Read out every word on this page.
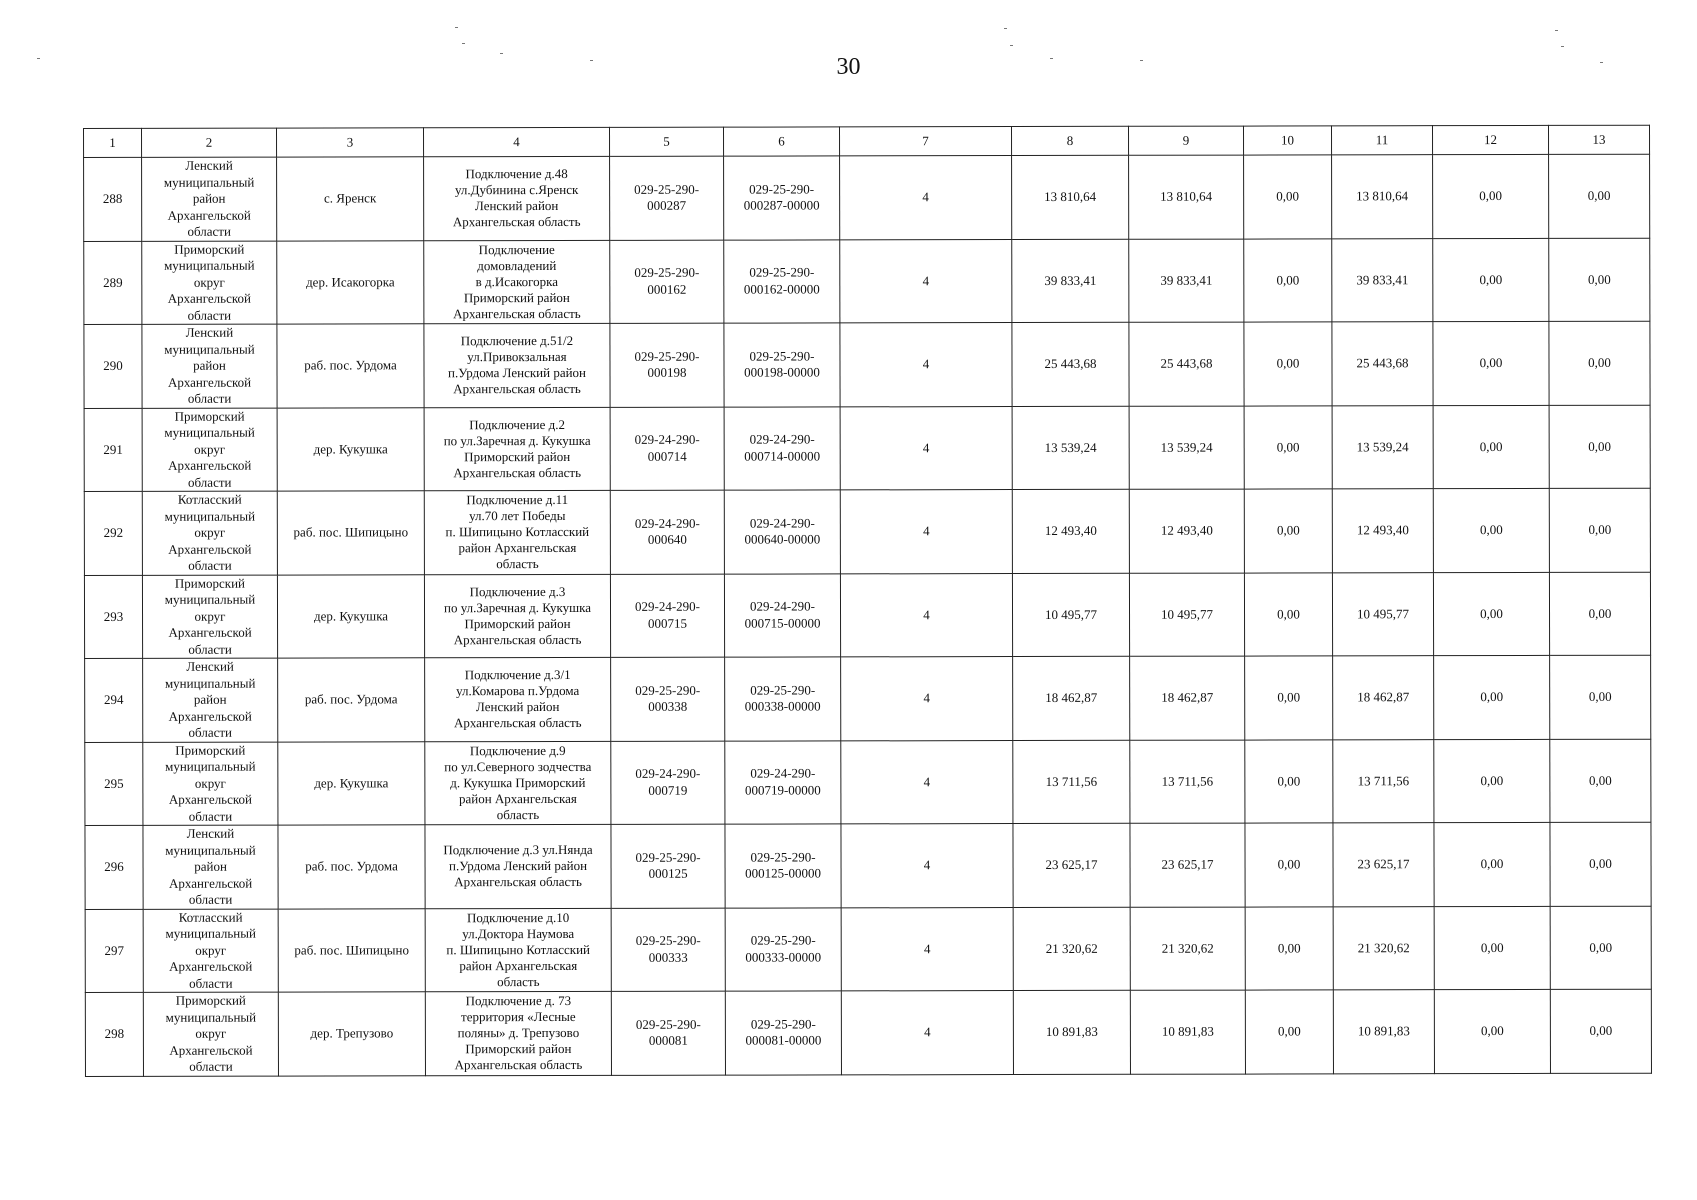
30
1	2	3	4	5	6	7	8	9	10	11	12	13
288	Ленский
муниципальный
район
Архангельской
области	с. Яренск	Подключение д.48
ул.Дубинина с.Яренск
Ленский район
Архангельская область	029-25-290-
000287	029-25-290-
000287-00000	4	13 810,64	13 810,64	0,00	13 810,64	0,00	0,00
289	Приморский
муниципальный
округ
Архангельской
области	дер. Исакогорка	Подключение
домовладений
в д.Исакогорка
Приморский район
Архангельская область	029-25-290-
000162	029-25-290-
000162-00000	4	39 833,41	39 833,41	0,00	39 833,41	0,00	0,00
290	Ленский
муниципальный
район
Архангельской
области	раб. пос. Урдома	Подключение д.51/2
ул.Привокзальная
п.Урдома Ленский район
Архангельская область	029-25-290-
000198	029-25-290-
000198-00000	4	25 443,68	25 443,68	0,00	25 443,68	0,00	0,00
291	Приморский
муниципальный
округ
Архангельской
области	дер. Кукушка	Подключение д.2
по ул.Заречная д. Кукушка
Приморский район
Архангельская область	029-24-290-
000714	029-24-290-
000714-00000	4	13 539,24	13 539,24	0,00	13 539,24	0,00	0,00
292	Котласский
муниципальный
округ
Архангельской
области	раб. пос. Шипицыно	Подключение д.11
ул.70 лет Победы
п. Шипицыно Котласский
район Архангельская
область	029-24-290-
000640	029-24-290-
000640-00000	4	12 493,40	12 493,40	0,00	12 493,40	0,00	0,00
293	Приморский
муниципальный
округ
Архангельской
области	дер. Кукушка	Подключение д.3
по ул.Заречная д. Кукушка
Приморский район
Архангельская область	029-24-290-
000715	029-24-290-
000715-00000	4	10 495,77	10 495,77	0,00	10 495,77	0,00	0,00
294	Ленский
муниципальный
район
Архангельской
области	раб. пос. Урдома	Подключение д.3/1
ул.Комарова п.Урдома
Ленский район
Архангельская область	029-25-290-
000338	029-25-290-
000338-00000	4	18 462,87	18 462,87	0,00	18 462,87	0,00	0,00
295	Приморский
муниципальный
округ
Архангельской
области	дер. Кукушка	Подключение д.9
по ул.Северного зодчества
д. Кукушка Приморский
район Архангельская
область	029-24-290-
000719	029-24-290-
000719-00000	4	13 711,56	13 711,56	0,00	13 711,56	0,00	0,00
296	Ленский
муниципальный
район
Архангельской
области	раб. пос. Урдома	Подключение д.3 ул.Нянда
п.Урдома Ленский район
Архангельская область	029-25-290-
000125	029-25-290-
000125-00000	4	23 625,17	23 625,17	0,00	23 625,17	0,00	0,00
297	Котласский
муниципальный
округ
Архангельской
области	раб. пос. Шипицыно	Подключение д.10
ул.Доктора Наумова
п. Шипицыно Котласский
район Архангельская
область	029-25-290-
000333	029-25-290-
000333-00000	4	21 320,62	21 320,62	0,00	21 320,62	0,00	0,00
298	Приморский
муниципальный
округ
Архангельской
области	дер. Трепузово	Подключение д. 73
территория «Лесные
поляны» д. Трепузово
Приморский район
Архангельская область	029-25-290-
000081	029-25-290-
000081-00000	4	10 891,83	10 891,83	0,00	10 891,83	0,00	0,00
